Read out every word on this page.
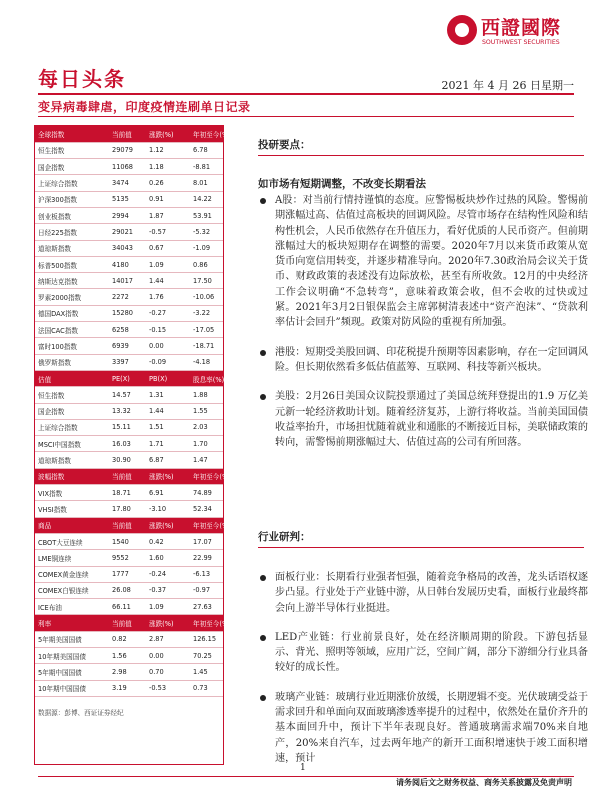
西證國際
SOUTHWEST SECURITIES
每日头条	2021 年 4 月 26 日星期一
变异病毒肆虐，印度疫情连刷单日记录
全球指数	当前值	涨跌(%)	年初至今(%)
恒生指数	29079	1.12	6.78
国企指数	11068	1.18	-8.81
上证综合指数	3474	0.26	8.01
沪深300指数	5135	0.91	14.22
创业板指数	2994	1.87	53.91
日经225指数	29021	-0.57	-5.32
道琼斯指数	34043	0.67	-1.09
标普500指数	4180	1.09	0.86
纳斯达克指数	14017	1.44	17.50
罗素2000指数	2272	1.76	-10.06
德国DAX指数	15280	-0.27	-3.22
法国CAC指数	6258	-0.15	-17.05
富时100指数	6939	0.00	-18.71
俄罗斯指数	3397	-0.09	-4.18
估值	PE(X)	PB(X)	股息率(%)
恒生指数	14.57	1.31	1.88
国企指数	13.32	1.44	1.55
上证综合指数	15.11	1.51	2.03
MSCI中国指数	16.03	1.71	1.70
道琼斯指数	30.90	6.87	1.47
波幅指数	当前值	涨跌(%)	年初至今(%)
VIX指数	18.71	6.91	74.89
VHSI指数	17.80	-3.10	52.34
商品	当前值	涨跌(%)	年初至今(%)
CBOT大豆连续	1540	0.42	17.07
LME铜连续	9552	1.60	22.99
COMEX黄金连续	1777	-0.24	-6.13
COMEX白银连续	26.08	-0.37	-0.97
ICE布油	66.11	1.09	27.63
利率	当前值	涨跌(%)	年初至今(%)
5年期美国国债	0.82	2.87	126.15
10年期美国国债	1.56	0.00	70.25
5年期中国国债	2.98	0.70	1.45
10年期中国国债	3.19	-0.53	0.73
数据源：彭博、西证证券经纪
投研要点：
如市场有短期调整，不改变长期看法
A股：对当前行情持谨慎的态度。应警惕板块炒作过热的风险。警惕前期涨幅过高、估值过高板块的回调风险。尽管市场存在结构性风险和结构性机会，人民币依然存在升值压力，看好优质的人民币资产。但前期涨幅过大的板块短期存在调整的需要。2020年7月以来货币政策从宽货币向宽信用转变，并逐步精准导向。2020年7.30政治局会议关于货币、财政政策的表述没有边际放松，甚至有所收敛。12月的中央经济工作会议明确“不急转弯”，意味着政策会收，但不会收的过快或过紧。2021年3月2日银保监会主席郭树清表述中“资产泡沫”、“贷款利率估计会回升”频现。政策对防风险的重视有所加强。
港股：短期受美股回调、印花税提升预期等因素影响，存在一定回调风险。但长期依然看多低估值蓝筹、互联网、科技等新兴板块。
美股：2月26日美国众议院投票通过了美国总统拜登提出的1.9 万亿美元新一轮经济救助计划。随着经济复苏，上游行将收益。当前美国国债收益率抬升，市场担忧随着就业和通胀的不断接近目标，美联储政策的转向，需警惕前期涨幅过大、估值过高的公司有所回落。
行业研判：
面板行业：长期看行业强者恒强，随着竞争格局的改善，龙头话语权逐步凸显。行业处于产业链中游，从日韩台发展历史看，面板行业最终都会向上游半导体行业挺进。
LED产业链：行业前景良好，处在经济顺周期的阶段。下游包括显示、背光、照明等领域，应用广泛，空间广阔，部分下游细分行业具备较好的成长性。
玻璃产业链：玻璃行业近期涨价放缓，长期逻辑不变。光伏玻璃受益于需求回升和单面向双面玻璃渗透率提升的过程中，依然处在量价齐升的基本面回升中，预计下半年表现良好。普通玻璃需求端70%来自地产，20%来自汽车，过去两年地产的新开工面积增速快于竣工面积增速，预计
1
请务阅后文之财务权益、商务关系披露及免责声明
